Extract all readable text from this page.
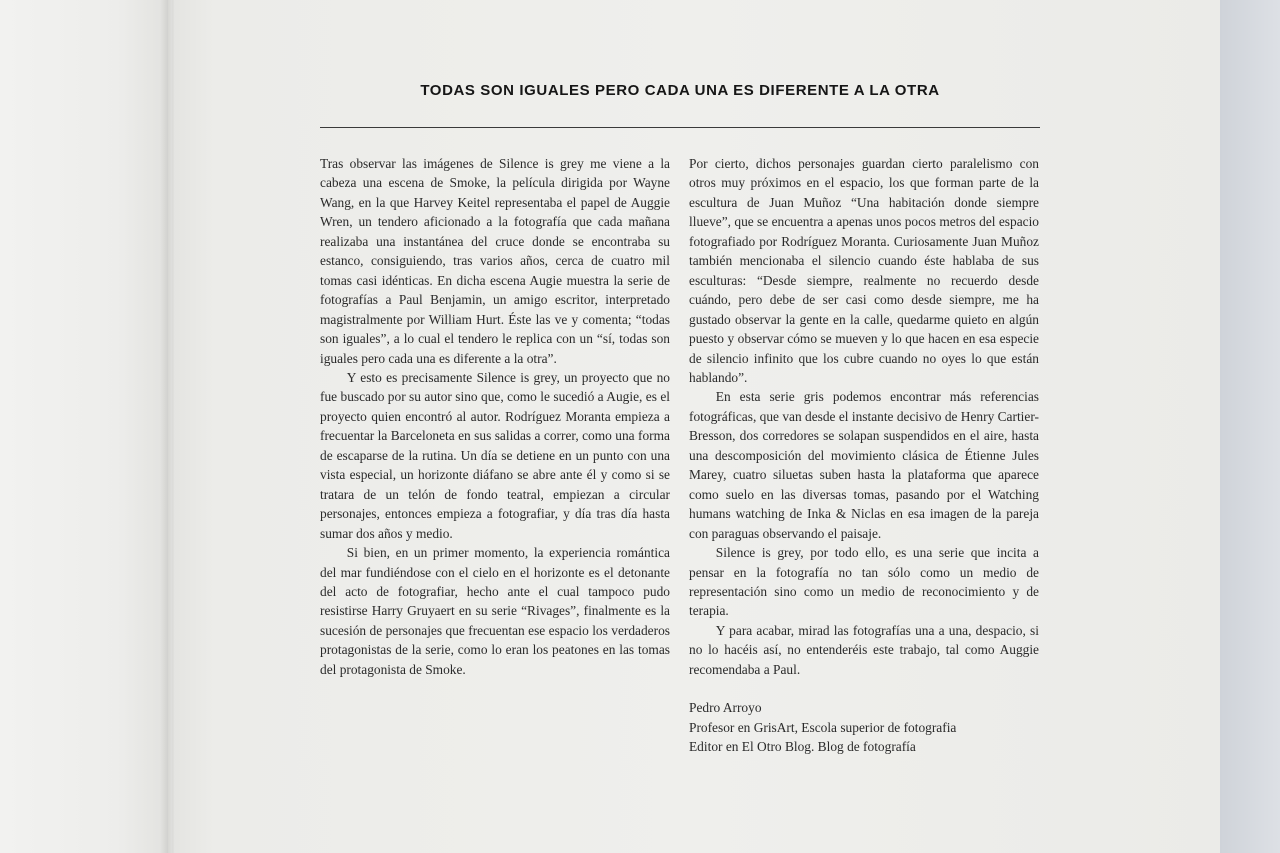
TODAS SON IGUALES PERO CADA UNA ES DIFERENTE A LA OTRA

Tras observar las imágenes de Silence is grey me viene a la cabeza una escena de Smoke, la película dirigida por Wayne Wang, en la que Harvey Keitel representaba el papel de Auggie Wren, un tendero aficionado a la fotografía que cada mañana realizaba una instantánea del cruce donde se encontraba su estanco, consiguiendo, tras varios años, cerca de cuatro mil tomas casi idénticas. En dicha escena Augie muestra la serie de fotografías a Paul Benjamin, un amigo escritor, interpretado magistralmente por William Hurt. Éste las ve y comenta; “todas son iguales”, a lo cual el tendero le replica con un “sí, todas son iguales pero cada una es diferente a la otra”.

Y esto es precisamente Silence is grey, un proyecto que no fue buscado por su autor sino que, como le sucedió a Augie, es el proyecto quien encontró al autor. Rodríguez Moranta empieza a frecuentar la Barceloneta en sus salidas a correr, como una forma de escaparse de la rutina. Un día se detiene en un punto con una vista especial, un horizonte diáfano se abre ante él y como si se tratara de un telón de fondo teatral, empiezan a circular personajes, entonces empieza a fotografiar, y día tras día hasta sumar dos años y medio.

Si bien, en un primer momento, la experiencia romántica del mar fundiéndose con el cielo en el horizonte es el detonante del acto de fotografiar, hecho ante el cual tampoco pudo resistirse Harry Gruyaert en su serie “Rivages”, finalmente es la sucesión de personajes que frecuentan ese espacio los verdaderos protagonistas de la serie, como lo eran los peatones en las tomas del protagonista de Smoke.

Por cierto, dichos personajes guardan cierto paralelismo con otros muy próximos en el espacio, los que forman parte de la escultura de Juan Muñoz “Una habitación donde siempre llueve”, que se encuentra a apenas unos pocos metros del espacio fotografiado por Rodríguez Moranta. Curiosamente Juan Muñoz también mencionaba el silencio cuando éste hablaba de sus esculturas: “Desde siempre, realmente no recuerdo desde cuándo, pero debe de ser casi como desde siempre, me ha gustado observar la gente en la calle, quedarme quieto en algún puesto y observar cómo se mueven y lo que hacen en esa especie de silencio infinito que los cubre cuando no oyes lo que están hablando”.

En esta serie gris podemos encontrar más referencias fotográficas, que van desde el instante decisivo de Henry Cartier-Bresson, dos corredores se solapan suspendidos en el aire, hasta una descomposición del movimiento clásica de Étienne Jules Marey, cuatro siluetas suben hasta la plataforma que aparece como suelo en las diversas tomas, pasando por el Watching humans watching de Inka & Niclas en esa imagen de la pareja con paraguas observando el paisaje.

Silence is grey, por todo ello, es una serie que incita a pensar en la fotografía no tan sólo como un medio de representación sino como un medio de reconocimiento y de terapia.

Y para acabar, mirad las fotografías una a una, despacio, si no lo hacéis así, no entenderéis este trabajo, tal como Auggie recomendaba a Paul.

Pedro Arroyo
Profesor en GrisArt, Escola superior de fotografia
Editor en El Otro Blog. Blog de fotografía
